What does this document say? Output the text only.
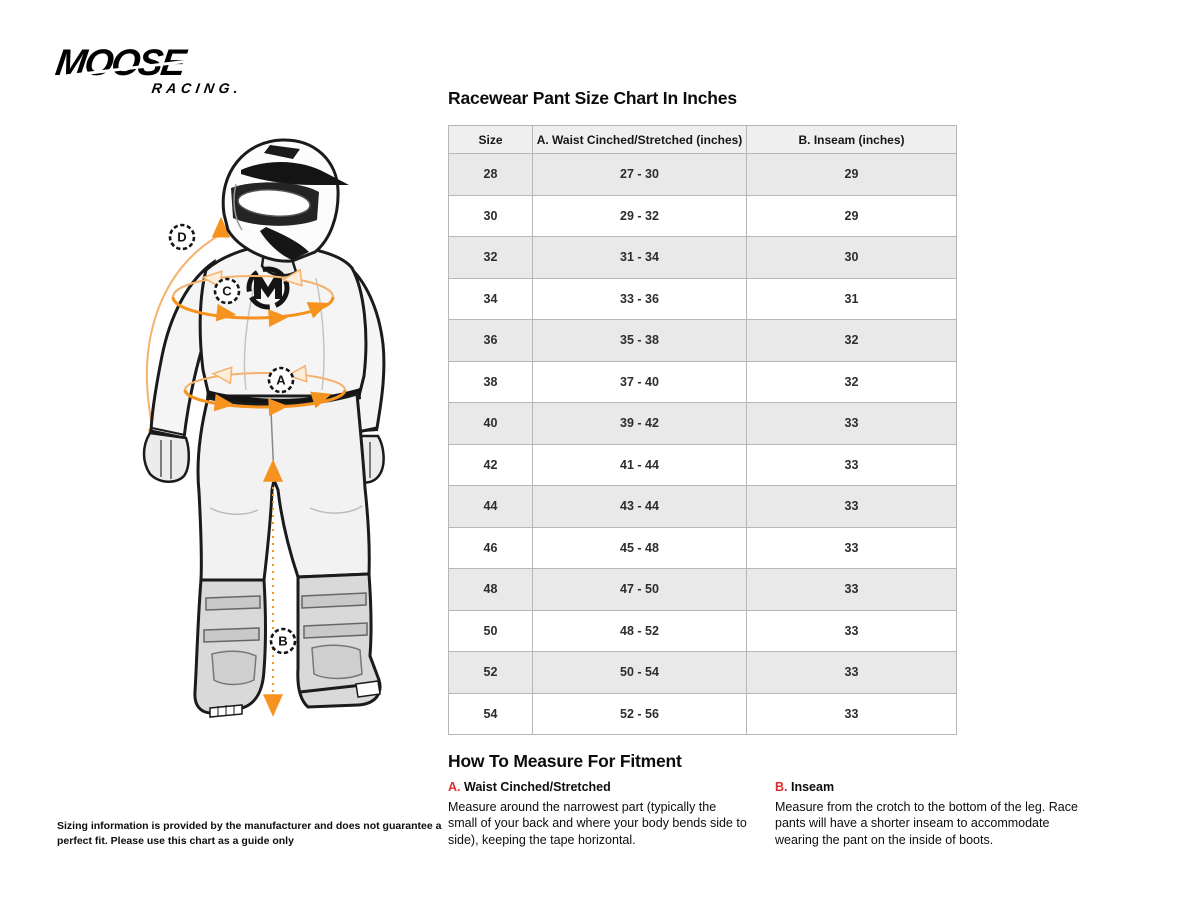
MOOSE
RACING.	Racewear Pant Size Chart In Inches
Size	A. Waist Cinched/Stretched (inches)	B. Inseam (inches)
28	27 - 30	29
30	29 - 32	29
32	31 - 34	30
34	33 - 36	31
36	35 - 38	32
38	37 - 40	32
40	39 - 42	33
42	41 - 44	33
44	43 - 44	33
46	45 - 48	33
48	47 - 50	33
50	48 - 52	33
52	50 - 54	33
54	52 - 56	33
How To Measure For Fitment
A. Waist Cinched/Stretched
Measure around the narrowest part (typically the small of your back and where your body bends side to side), keeping the tape horizontal.
B. Inseam
Measure from the crotch to the bottom of the leg. Race pants will have a shorter inseam to accommodate wearing the pant on the inside of boots.
Sizing information is provided by the manufacturer and does not guarantee a perfect fit. Please use this chart as a guide only
D
C
A
B
